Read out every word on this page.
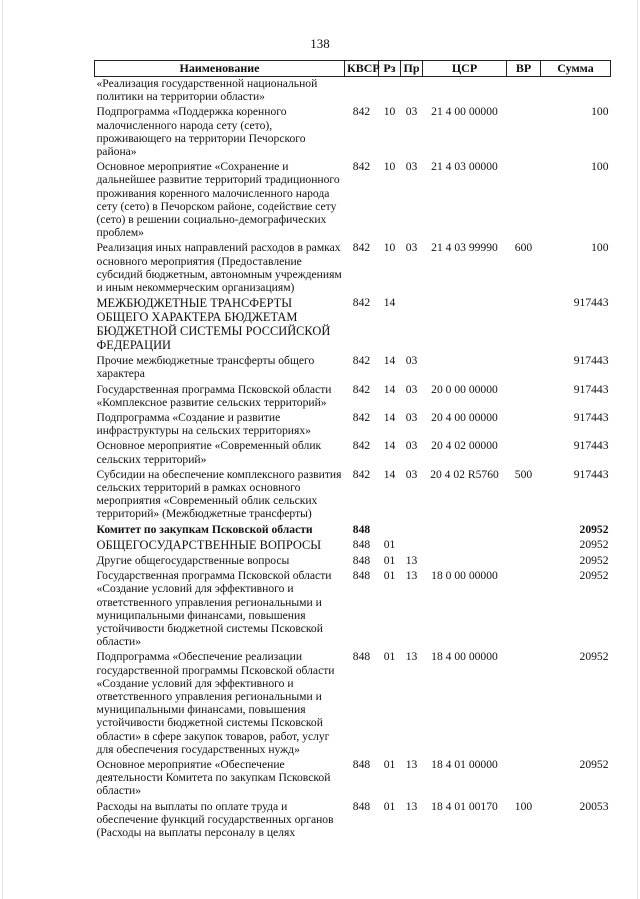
138
Наименование	КВСР	Рз	Пр	ЦСР	ВР	Сумма
«Реализация государственной национальной политики на территории области»						
Подпрограмма «Поддержка коренного малочисленного народа сету (сето), проживающего на территории Печорского района»	842	10	03	21 4 00 00000		100
Основное мероприятие «Сохранение и дальнейшее развитие территорий традиционного проживания коренного малочисленного народа сету (сето) в Печорском районе, содействие сету (сето) в решении социально-демографических проблем»	842	10	03	21 4 03 00000		100
Реализация иных направлений расходов в рамках основного мероприятия (Предоставление субсидий бюджетным, автономным учреждениям и иным некоммерческим организациям)	842	10	03	21 4 03 99990	600	100
МЕЖБЮДЖЕТНЫЕ ТРАНСФЕРТЫ ОБЩЕГО ХАРАКТЕРА БЮДЖЕТАМ БЮДЖЕТНОЙ СИСТЕМЫ РОССИЙСКОЙ ФЕДЕРАЦИИ	842	14				917443
Прочие межбюджетные трансферты общего характера	842	14	03			917443
Государственная программа Псковской области «Комплексное развитие сельских территорий»	842	14	03	20 0 00 00000		917443
Подпрограмма «Создание и развитие инфраструктуры на сельских территориях»	842	14	03	20 4 00 00000		917443
Основное мероприятие «Современный облик сельских территорий»	842	14	03	20 4 02 00000		917443
Субсидии на обеспечение комплексного развития сельских территорий в рамках основного мероприятия «Современный облик сельских территорий» (Межбюджетные трансферты)	842	14	03	20 4 02 R5760	500	917443
Комитет по закупкам Псковской области	848					20952
ОБЩЕГОСУДАРСТВЕННЫЕ ВОПРОСЫ	848	01				20952
Другие общегосударственные вопросы	848	01	13			20952
Государственная программа Псковской области «Создание условий для эффективного и ответственного управления региональными и муниципальными финансами, повышения устойчивости бюджетной системы Псковской области»	848	01	13	18 0 00 00000		20952
Подпрограмма «Обеспечение реализации государственной программы Псковской области «Создание условий для эффективного и ответственного управления региональными и муниципальными финансами, повышения устойчивости бюджетной системы Псковской области» в сфере закупок товаров, работ, услуг для обеспечения государственных нужд»	848	01	13	18 4 00 00000		20952
Основное мероприятие «Обеспечение деятельности Комитета по закупкам Псковской области»	848	01	13	18 4 01 00000		20952
Расходы на выплаты по оплате труда и обеспечение функций государственных органов (Расходы на выплаты персоналу в целях	848	01	13	18 4 01 00170	100	20053
